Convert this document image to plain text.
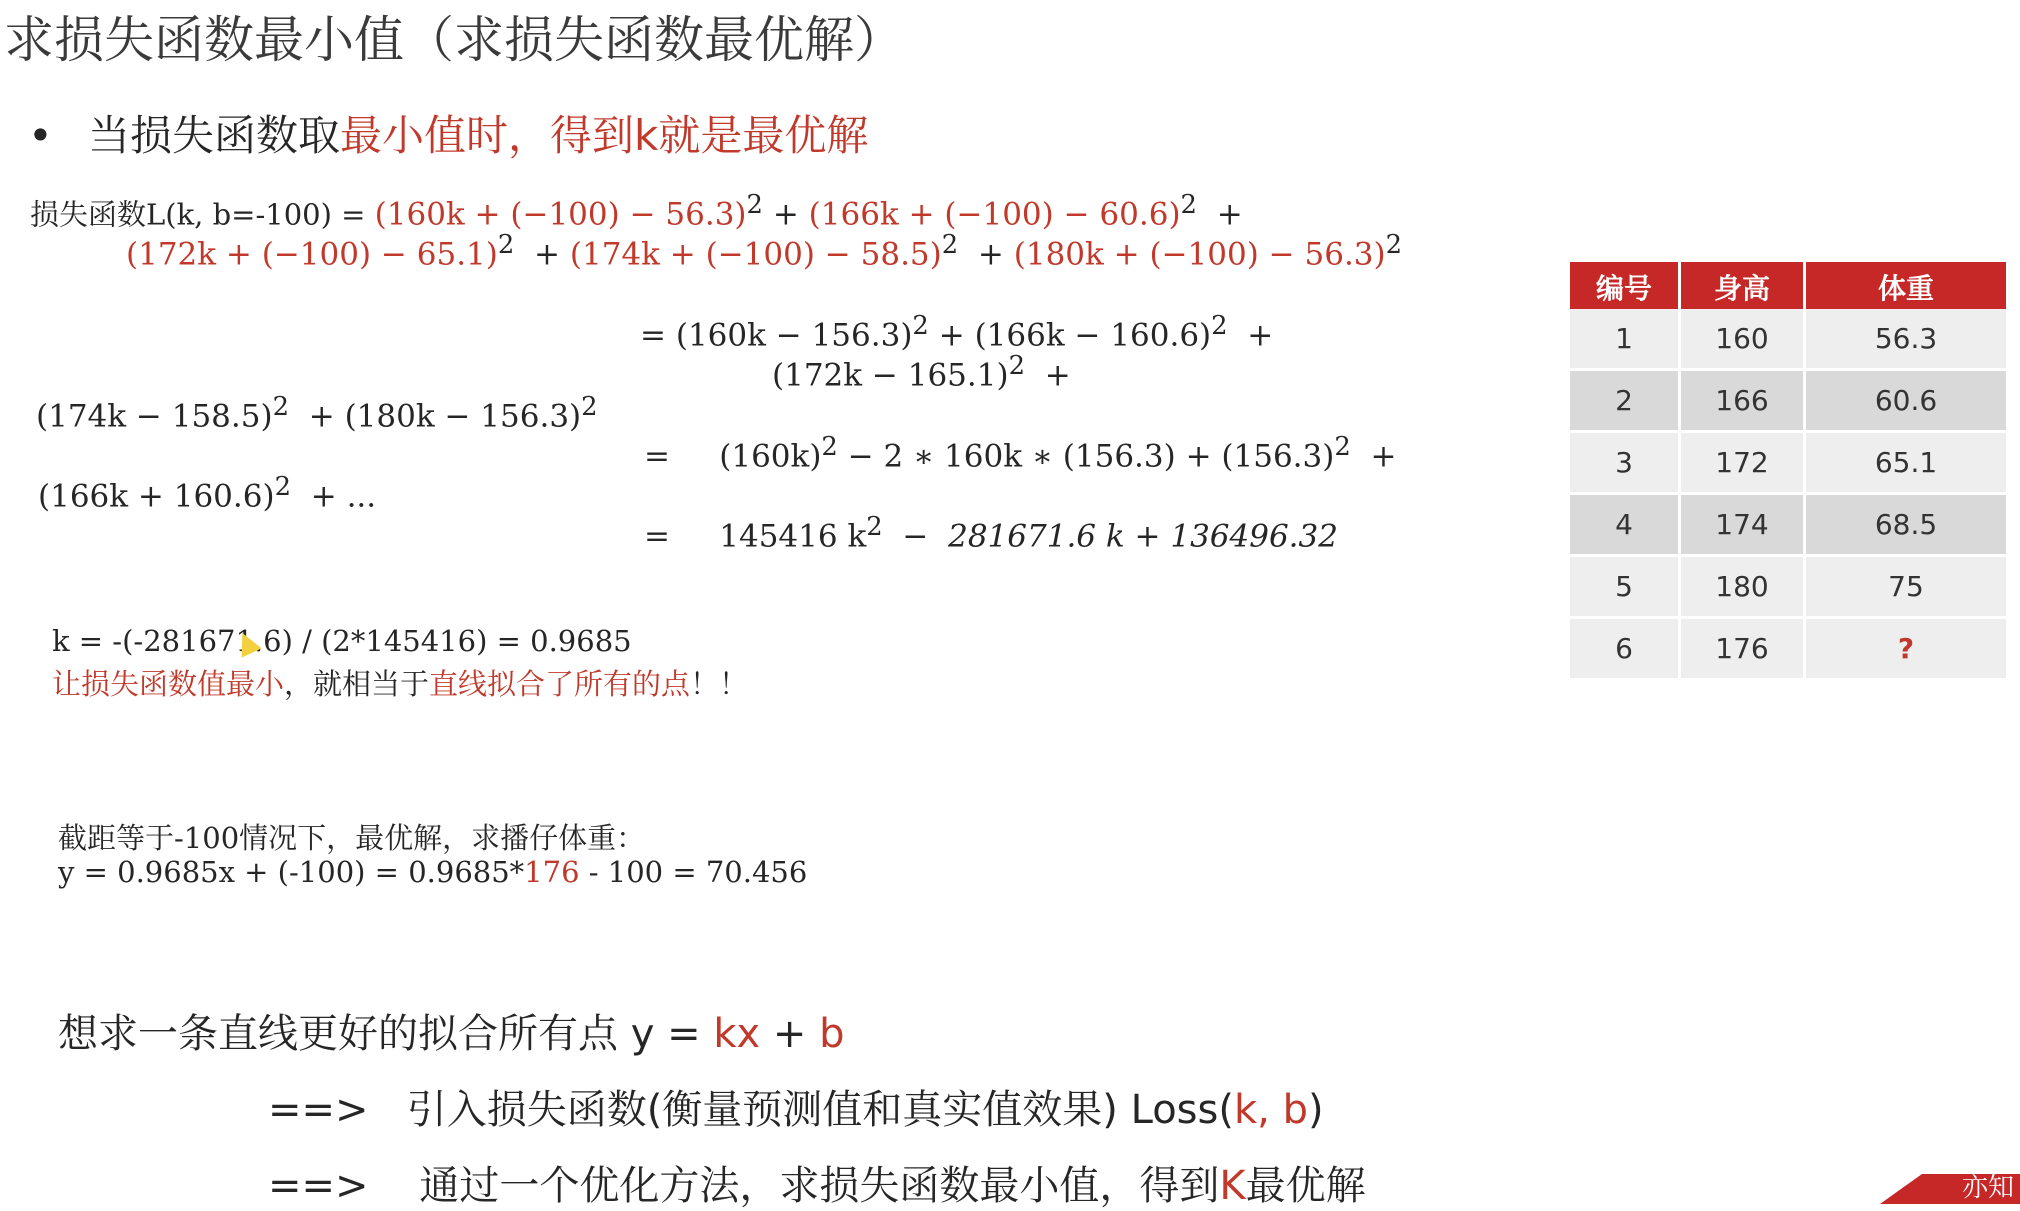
求损失函数最小值（求损失函数最优解）
• 当损失函数取最小值时，得到k就是最优解
损失函数L(k, $b=-100) = (160k + (-100) - 56.3)^2 + (166k + (-100) - 60.6)^2$ +
$(172k + (-100) - 65.1)^2 + (174k + (-100) - 58.5)^2 + (180k + (-100) - 56.3)^2$
= $(160k - 156.3)^2 + (166k - 160.6)^2$ +
$(172k - 165.1)^2$ +
$(174k - 158.5)^2 + (180k - 156.3)^2$
= $(160k)^2 - 2$ ∗ 160k ∗ $(156.3) + (156.3)^2$ +
$(166k + 160.6)^2$ + ...
= 145416 $k^2 - 281671.6$ k + 136496.32
k = -(-281671.6) / (2*145416) = 0.9685
让损失函数值最小，就相当于直线拟合了所有的点！！
截距等于-100情况下，最优解，求播仔体重：
y = 0.9685x + (-100) = 0.9685*176 - 100 = 70.456
想求一条直线更好的拟合所有点 y = kx + b
==> 引入损失函数(衡量预测值和真实值效果) Loss(k, b)
==> 通过一个优化方法，求损失函数最小值，得到K最优解
编号	身高	体重
1	160	56.3
2	166	60.6
3	172	65.1
4	174	68.5
5	180	75
6	176	?
亦知
